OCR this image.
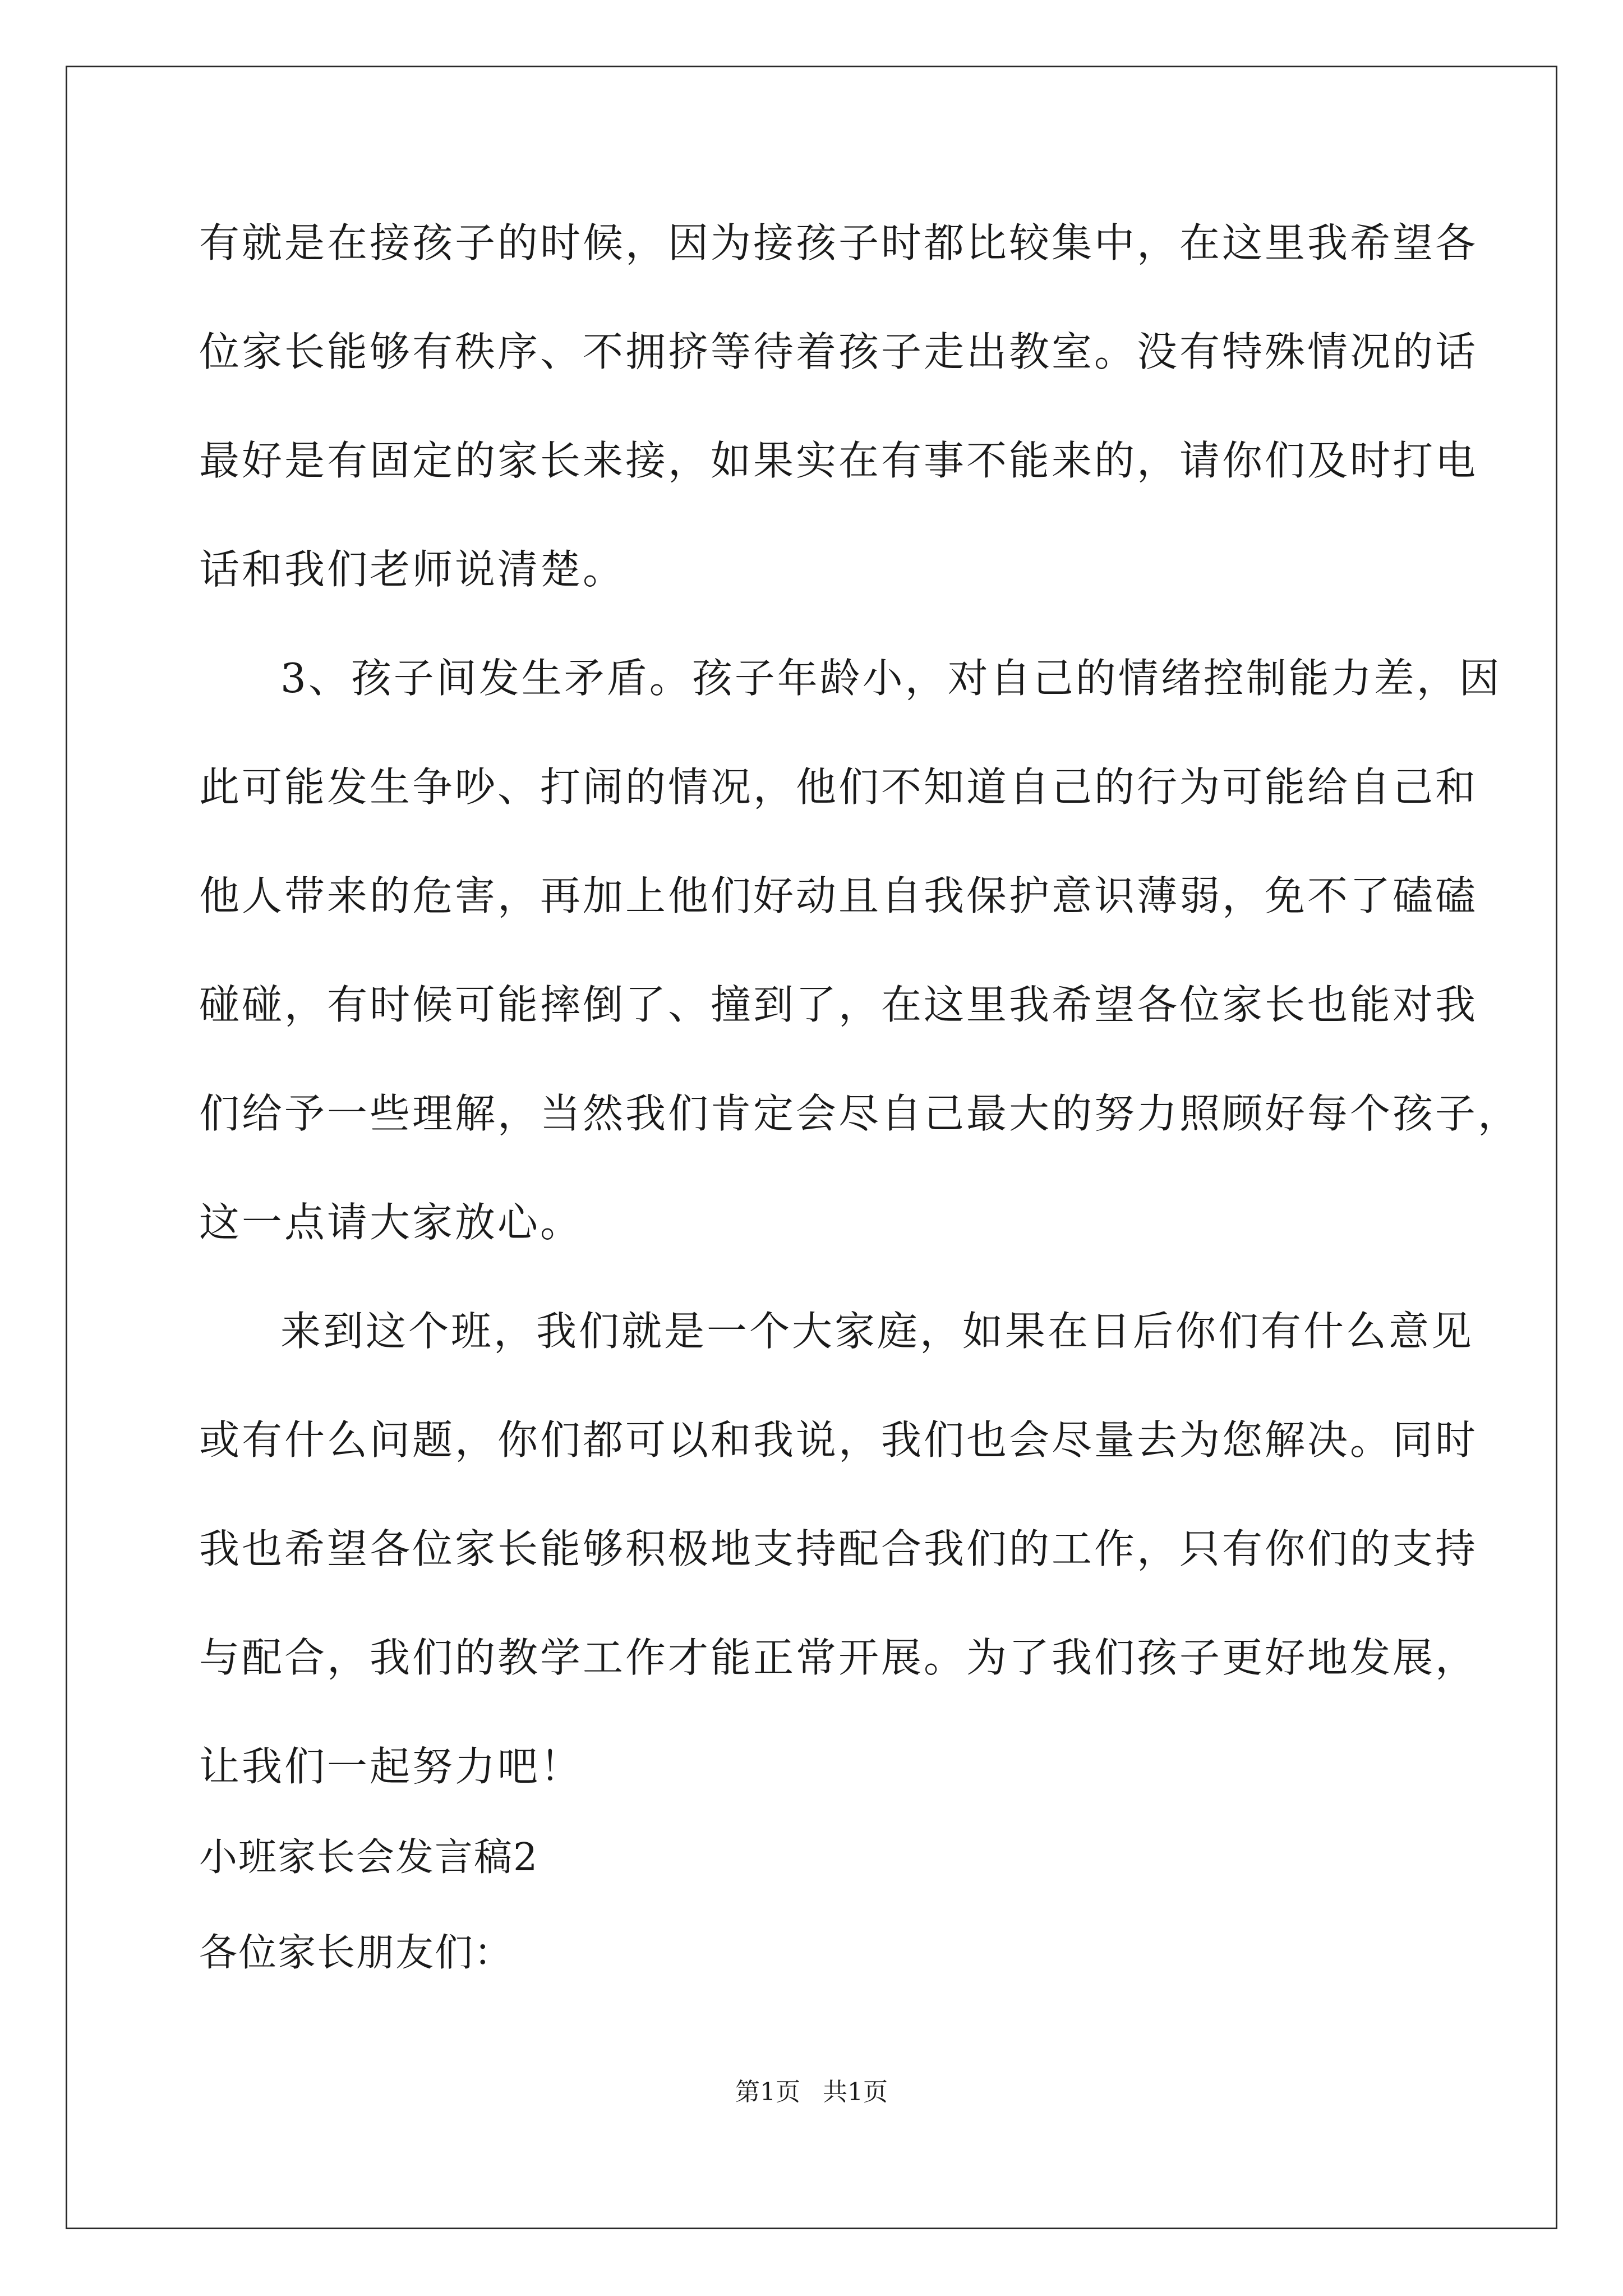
有就是在接孩子的时候，因为接孩子时都比较集中，在这里我希望各
位家长能够有秩序、不拥挤等待着孩子走出教室。没有特殊情况的话
最好是有固定的家长来接，如果实在有事不能来的，请你们及时打电
话和我们老师说清楚。
3、孩子间发生矛盾。孩子年龄小，对自己的情绪控制能力差，因
此可能发生争吵、打闹的情况，他们不知道自己的行为可能给自己和
他人带来的危害，再加上他们好动且自我保护意识薄弱，免不了磕磕
碰碰，有时候可能摔倒了、撞到了，在这里我希望各位家长也能对我
们给予一些理解，当然我们肯定会尽自己最大的努力照顾好每个孩子，
这一点请大家放心。
来到这个班，我们就是一个大家庭，如果在日后你们有什么意见
或有什么问题，你们都可以和我说，我们也会尽量去为您解决。同时
我也希望各位家长能够积极地支持配合我们的工作，只有你们的支持
与配合，我们的教学工作才能正常开展。为了我们孩子更好地发展，
让我们一起努力吧！
小班家长会发言稿2
各位家长朋友们：
第1页 共1页
